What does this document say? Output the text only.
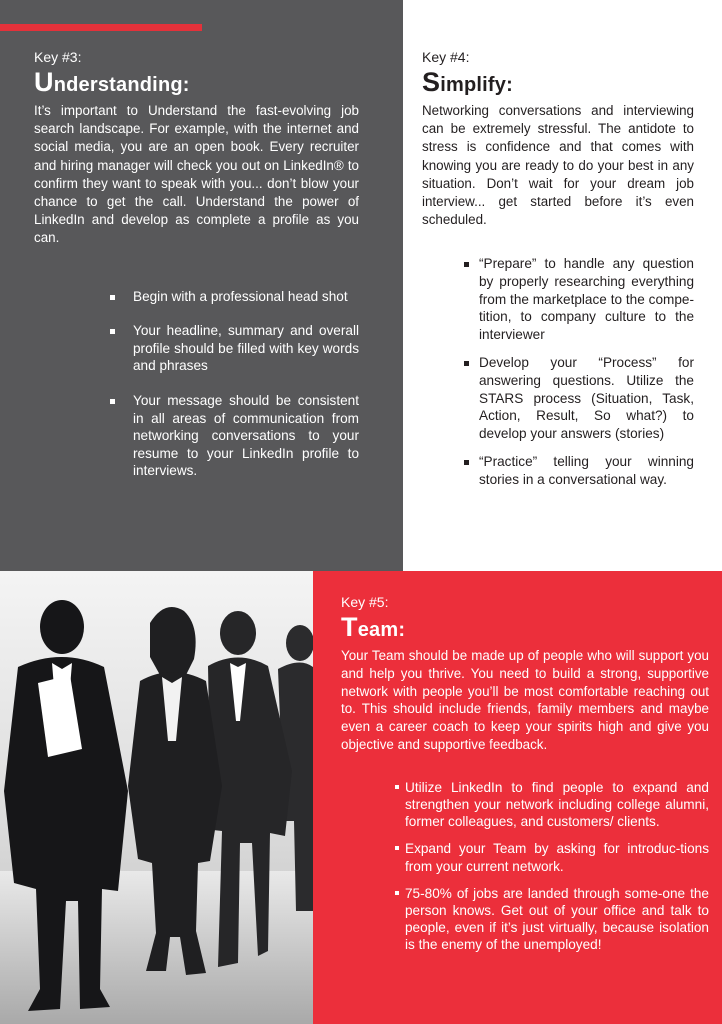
Key #3:

Understanding:

It’s important to Understand the fast-evolving job search landscape. For example, with the internet and social media, you are an open book. Every recruiter and hiring manager will check you out on LinkedIn® to confirm they want to speak with you... don’t blow your chance to get the call. Understand the power of LinkedIn and develop as complete a profile as you can.

Begin with a professional head shot
Your headline, summary and overall profile should be filled with key words and phrases
Your message should be consistent in all areas of communication from networking conversations to your resume to your LinkedIn profile to interviews.

Key #4:

Simplify:

Networking conversations and interviewing can be extremely stressful. The antidote to stress is confidence and that comes with knowing you are ready to do your best in any situation. Don’t wait for your dream job interview... get started before it’s even scheduled.

“Prepare” to handle any question by properly researching everything from the marketplace to the compe-tition, to company culture to the interviewer
Develop your “Process” for answering questions. Utilize the STARS process (Situation, Task, Action, Result, So what?) to develop your answers (stories)
“Practice” telling your winning stories in a conversational way.

Key #5:

Team:

Your Team should be made up of people who will support you and help you thrive. You need to build a strong, supportive network with people you’ll be most comfortable reaching out to. This should include friends, family members and maybe even a career coach to keep your spirits high and give you objective and supportive feedback.

Utilize LinkedIn to find people to expand and strengthen your network including college alumni, former colleagues, and customers/ clients.
Expand your Team by asking for introduc-tions from your current network.
75-80% of jobs are landed through some-one the person knows. Get out of your office and talk to people, even if it’s just virtually, because isolation is the enemy of the unemployed!
